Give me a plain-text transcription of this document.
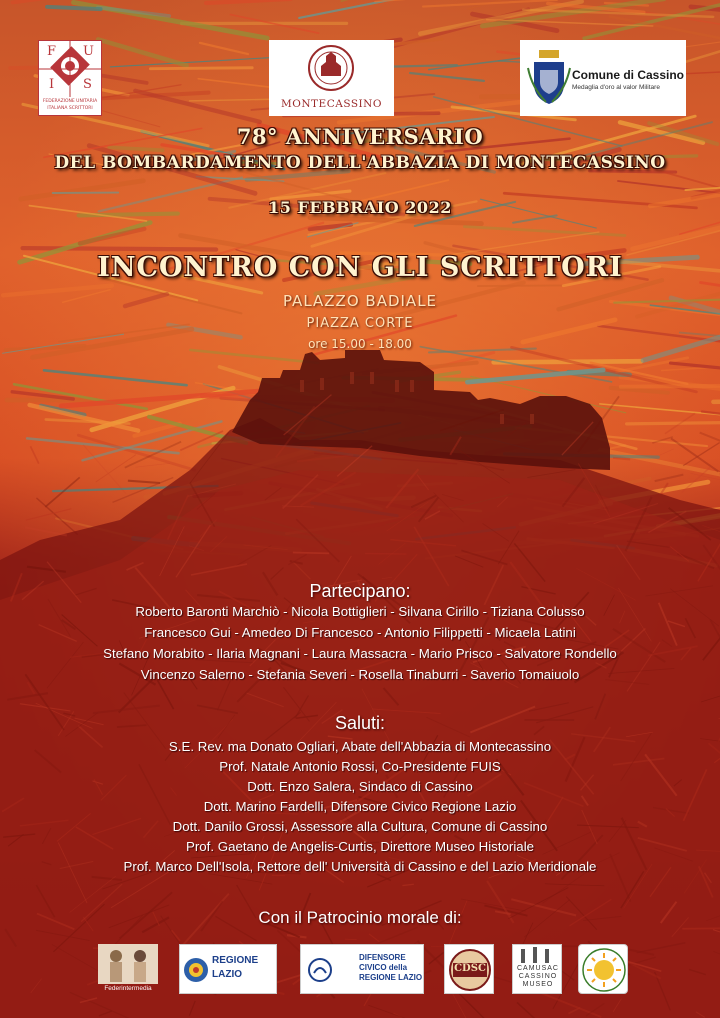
F U
I S
FEDERAZIONE UNITARIA
ITALIANA SCRITTORI	MONTECASSINO
Comune di Cassino
Medaglia d'oro al valor Militare
78° ANNIVERSARIO
DEL BOMBARDAMENTO DELL'ABBAZIA DI MONTECASSINO
15 FEBBRAIO 2022
INCONTRO CON GLI SCRITTORI
PALAZZO BADIALE
PIAZZA CORTE
ore 15.00 - 18.00
Partecipano:
Roberto Baronti Marchiò - Nicola Bottiglieri - Silvana Cirillo - Tiziana Colusso
Francesco Gui - Amedeo Di Francesco - Antonio Filippetti - Micaela Latini
Stefano Morabito - Ilaria Magnani - Laura Massacra - Mario Prisco - Salvatore Rondello
Vincenzo Salerno - Stefania Severi - Rosella Tinaburri - Saverio Tomaiuolo
Saluti:
S.E. Rev. ma Donato Ogliari, Abate dell'Abbazia di Montecassino
Prof. Natale Antonio Rossi, Co-Presidente FUIS
Dott. Enzo Salera, Sindaco di Cassino
Dott. Marino Fardelli, Difensore Civico Regione Lazio
Dott. Danilo Grossi, Assessore alla Cultura, Comune di Cassino
Prof. Gaetano de Angelis-Curtis, Direttore Museo Historiale
Prof. Marco Dell'Isola, Rettore dell' Università di Cassino e del Lazio Meridionale
Con il Patrocinio morale di:
Federintermedia
REGIONE
LAZIO
DIFENSORE
CIVICO della
REGIONE LAZIO
CDSC	CAMUSAC
CASSINO
MUSEO
